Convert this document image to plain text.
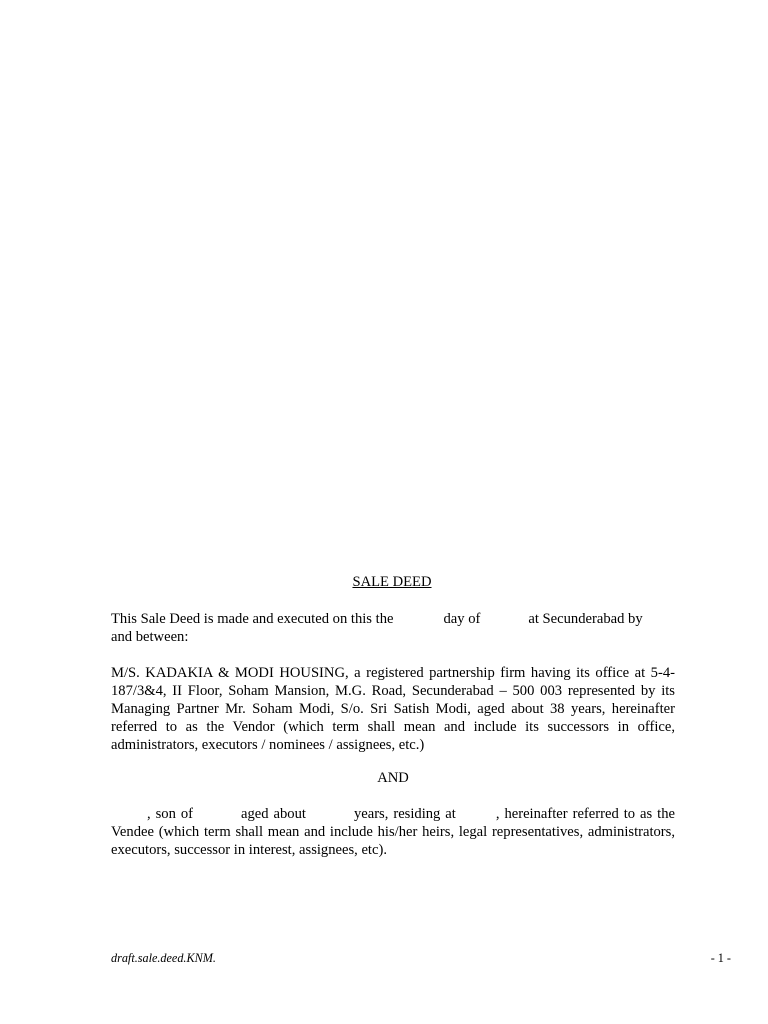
SALE DEED

This Sale Deed is made and executed on this the	day of	at Secunderabad by
and between:

M/S. KADAKIA & MODI HOUSING, a registered partnership firm having its office at 5-4-187/3&4, II Floor, Soham Mansion, M.G. Road, Secunderabad – 500 003 represented by its Managing Partner Mr. Soham Modi, S/o. Sri Satish Modi, aged about 38 years, hereinafter referred to as the Vendor (which term shall mean and include its successors in office, administrators, executors / nominees / assignees, etc.)

AND

, son of	aged about	years, residing at	, hereinafter referred to as the Vendee (which term shall mean and include his/her heirs, legal representatives, administrators, executors, successor in interest, assignees, etc).

draft.sale.deed.KNM.	- 1 -
